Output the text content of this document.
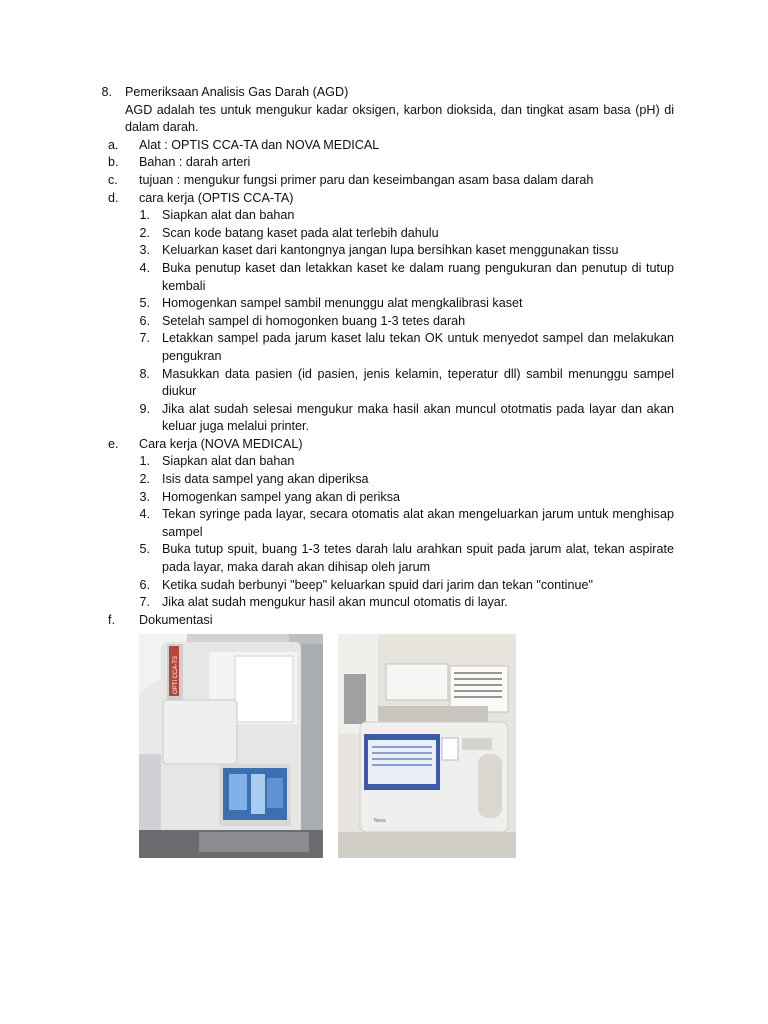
8. Pemeriksaan Analisis Gas Darah (AGD)
AGD adalah tes untuk mengukur kadar oksigen, karbon dioksida, dan tingkat asam basa (pH) di dalam darah.
a.	Alat : OPTIS CCA-TA dan NOVA MEDICAL
b.	Bahan : darah arteri
c.	tujuan : mengukur fungsi primer paru dan keseimbangan asam basa dalam darah
d.	cara kerja (OPTIS CCA-TA)
1. Siapkan alat dan bahan
2. Scan kode batang kaset pada alat terlebih dahulu
3. Keluarkan kaset dari kantongnya jangan lupa bersihkan kaset menggunakan tissu
4. Buka penutup kaset dan letakkan kaset ke dalam ruang pengukuran dan penutup di tutup kembali
5. Homogenkan sampel sambil menunggu alat mengkalibrasi kaset
6. Setelah sampel di homogonken buang 1-3 tetes darah
7. Letakkan sampel pada jarum kaset lalu tekan OK untuk menyedot sampel dan melakukan pengukran
8. Masukkan data pasien (id pasien, jenis kelamin, teperatur dll) sambil menunggu sampel diukur
9. Jika alat sudah selesai mengukur maka hasil akan muncul ototmatis pada layar dan akan keluar juga melalui printer.
e.	Cara kerja (NOVA MEDICAL)
1. Siapkan alat dan bahan
2. Isis data sampel yang akan diperiksa
3. Homogenkan sampel yang akan di periksa
4. Tekan syringe pada layar, secara otomatis alat akan mengeluarkan jarum untuk menghisap sampel
5. Buka tutup spuit, buang 1-3 tetes darah lalu arahkan spuit pada jarum alat, tekan aspirate pada layar, maka darah akan dihisap oleh jarum
6. Ketika sudah berbunyi "beep" keluarkan spuid dari jarim dan tekan "continue"
7. Jika alat sudah mengukur hasil akan muncul otomatis di layar.
f.	Dokumentasi
OPTI CCA-TS
Nova
